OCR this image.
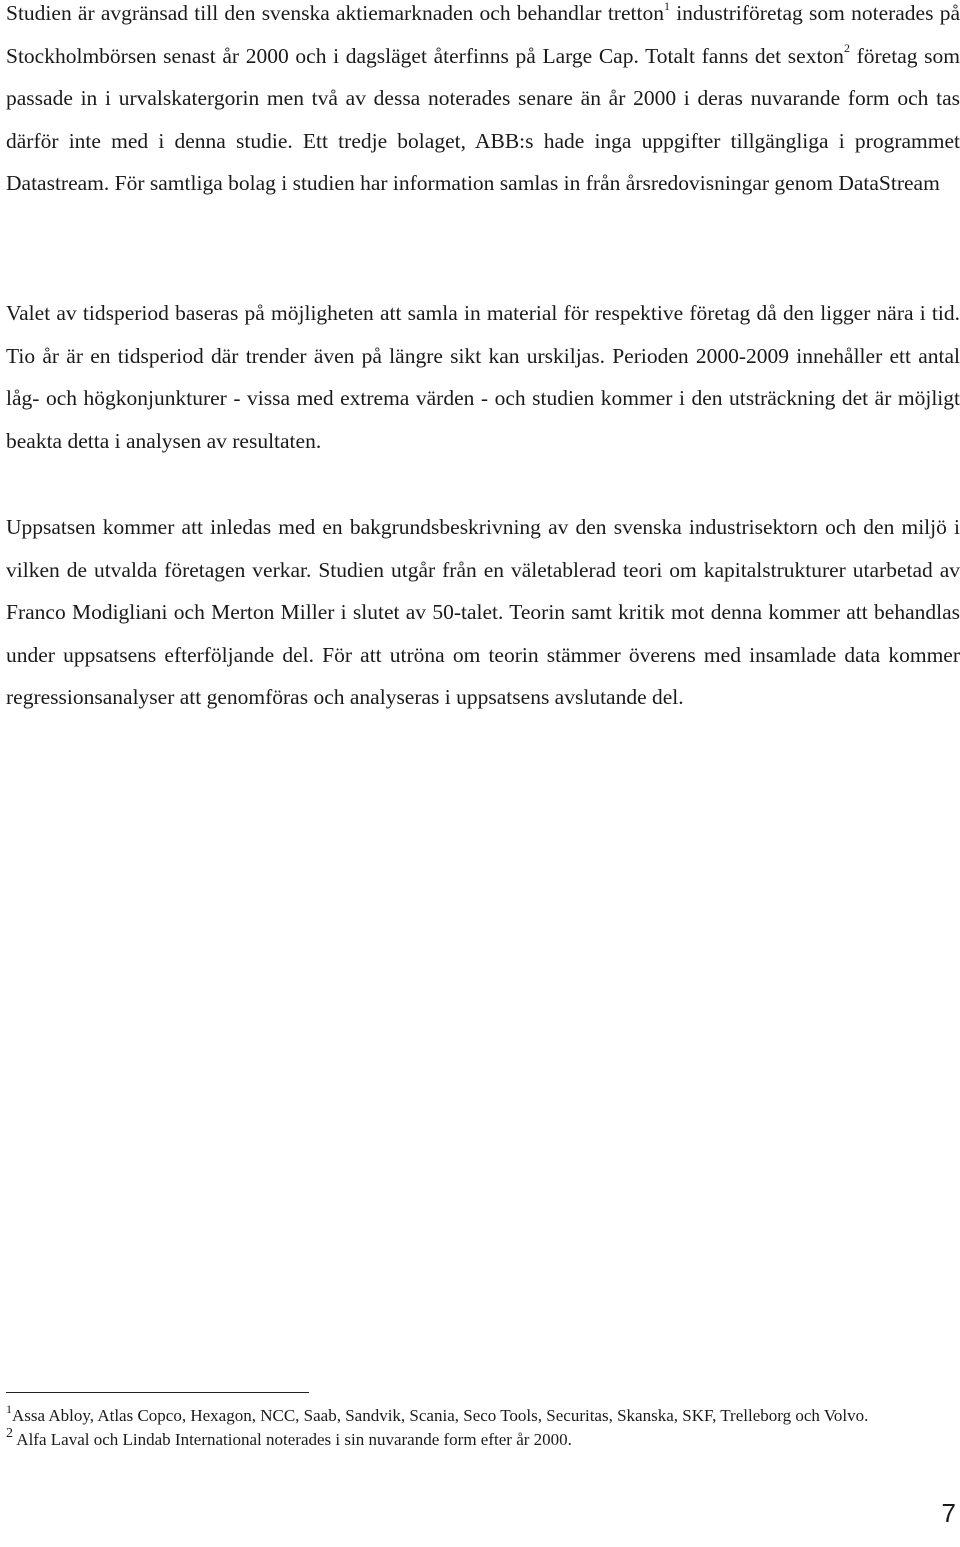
Studien är avgränsad till den svenska aktiemarknaden och behandlar tretton$^1$ industriföretag som noterades på Stockholmbörsen senast år 2000 och i dagsläget återfinns på Large Cap. Totalt fanns det sexton$^2$ företag som passade in i urvalskatergorin men två av dessa noterades senare än år 2000 i deras nuvarande form och tas därför inte med i denna studie. Ett tredje bolaget, ABB:s hade inga uppgifter tillgängliga i programmet Datastream. För samtliga bolag i studien har information samlas in från årsredovisningar genom DataStream

Valet av tidsperiod baseras på möjligheten att samla in material för respektive företag då den ligger nära i tid. Tio år är en tidsperiod där trender även på längre sikt kan urskiljas. Perioden 2000-2009 innehåller ett antal låg- och högkonjunkturer - vissa med extrema värden - och studien kommer i den utsträckning det är möjligt beakta detta i analysen av resultaten.

Uppsatsen kommer att inledas med en bakgrundsbeskrivning av den svenska industrisektorn och den miljö i vilken de utvalda företagen verkar. Studien utgår från en väletablerad teori om kapitalstrukturer utarbetad av Franco Modigliani och Merton Miller i slutet av 50-talet. Teorin samt kritik mot denna kommer att behandlas under uppsatsens efterföljande del. För att utröna om teorin stämmer överens med insamlade data kommer regressionsanalyser att genomföras och analyseras i uppsatsens avslutande del.

$^1$Assa Abloy, Atlas Copco, Hexagon, NCC, Saab, Sandvik, Scania, Seco Tools, Securitas, Skanska, SKF, Trelleborg och Volvo.

$^2$ Alfa Laval och Lindab International noterades i sin nuvarande form efter år 2000.

7
